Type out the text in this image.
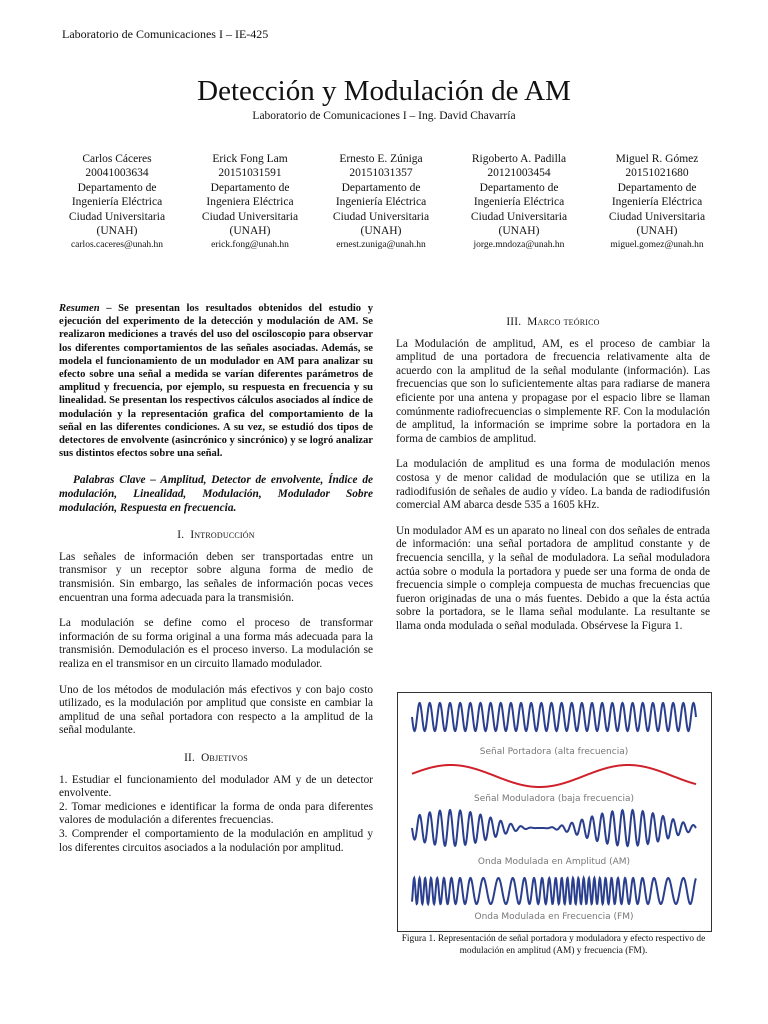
Laboratorio de Comunicaciones I – IE-425
Detección y Modulación de AM
Laboratorio de Comunicaciones I – Ing. David Chavarría
Carlos Cáceres
20041003634
Departamento de
Ingeniería Eléctrica
Ciudad Universitaria
(UNAH)
carlos.caceres@unah.hn
Erick Fong Lam
20151031591
Departamento de
Ingeniera Eléctrica
Ciudad Universitaria
(UNAH)
erick.fong@unah.hn
Ernesto E. Zúniga
20151031357
Departamento de
Ingeniería Eléctrica
Ciudad Universitaria
(UNAH)
ernest.zuniga@unah.hn
Rigoberto A. Padilla
20121003454
Departamento de
Ingeniería Eléctrica
Ciudad Universitaria
(UNAH)
jorge.mndoza@unah.hn
Miguel R. Gómez
20151021680
Departamento de
Ingeniería Eléctrica
Ciudad Universitaria
(UNAH)
miguel.gomez@unah.hn
Resumen – Se presentan los resultados obtenidos del estudio y ejecución del experimento de la detección y modulación de AM. Se realizaron mediciones a través del uso del osciloscopio para observar los diferentes comportamientos de las señales asociadas. Además, se modela el funcionamiento de un modulador en AM para analizar su efecto sobre una señal a medida se varían diferentes parámetros de amplitud y frecuencia, por ejemplo, su respuesta en frecuencia y su linealidad. Se presentan los respectivos cálculos asociados al índice de modulación y la representación grafica del comportamiento de la señal en las diferentes condiciones. A su vez, se estudió dos tipos de detectores de envolvente (asincrónico y sincrónico) y se logró analizar sus distintos efectos sobre una señal.
Palabras Clave – Amplitud, Detector de envolvente, Índice de modulación, Linealidad, Modulación, Modulador Sobre modulación, Respuesta en frecuencia.
I. Introducción

Las señales de información deben ser transportadas entre un transmisor y un receptor sobre alguna forma de medio de transmisión. Sin embargo, las señales de información pocas veces encuentran una forma adecuada para la transmisión.

La modulación se define como el proceso de transformar información de su forma original a una forma más adecuada para la transmisión. Demodulación es el proceso inverso. La modulación se realiza en el transmisor en un circuito llamado modulador.

Uno de los métodos de modulación más efectivos y con bajo costo utilizado, es la modulación por amplitud que consiste en cambiar la amplitud de una señal portadora con respecto a la amplitud de la señal modulante.

II. Objetivos

1. Estudiar el funcionamiento del modulador AM y de un detector envolvente.

2. Tomar mediciones e identificar la forma de onda para diferentes valores de modulación a diferentes frecuencias.

3. Comprender el comportamiento de la modulación en amplitud y los diferentes circuitos asociados a la nodulación por amplitud.

III. Marco teórico

La Modulación de amplitud, AM, es el proceso de cambiar la amplitud de una portadora de frecuencia relativamente alta de acuerdo con la amplitud de la señal modulante (información). Las frecuencias que son lo suficientemente altas para radiarse de manera eficiente por una antena y propagase por el espacio libre se llaman comúnmente radiofrecuencias o simplemente RF. Con la modulación de amplitud, la información se imprime sobre la portadora en la forma de cambios de amplitud.

La modulación de amplitud es una forma de modulación menos costosa y de menor calidad de modulación que se utiliza en la radiodifusión de señales de audio y vídeo. La banda de radiodifusión comercial AM abarca desde 535 a 1605 kHz.

Un modulador AM es un aparato no lineal con dos señales de entrada de información: una señal portadora de amplitud constante y de frecuencia sencilla, y la señal de moduladora. La señal moduladora actúa sobre o modula la portadora y puede ser una forma de onda de frecuencia simple o compleja compuesta de muchas frecuencias que fueron originadas de una o más fuentes. Debido a que la ésta actúa sobre la portadora, se le llama señal modulante. La resultante se llama onda modulada o señal modulada. Obsérvese la Figura 1.

Señal Portadora (alta frecuencia)
Señal Moduladora (baja frecuencia)
Onda Modulada en Amplitud (AM)
Onda Modulada en Frecuencia (FM)
Figura 1. Representación de señal portadora y moduladora y efecto respectivo de modulación en amplitud (AM) y frecuencia (FM).
